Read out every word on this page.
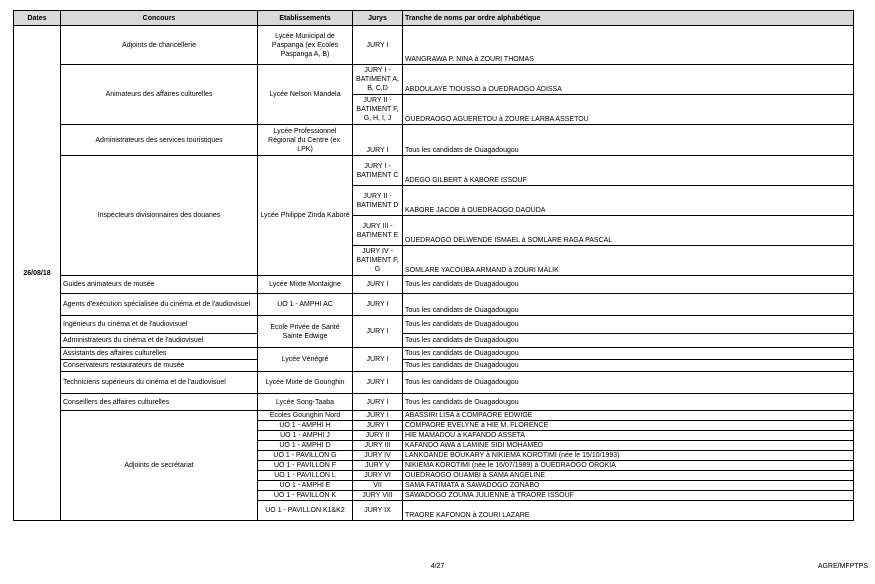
Dates	Concours	Etablissements	Jurys	Tranche de noms par ordre alphabétique
26/08/18	Adjoints de chancellerie	Lycée Municipal de Paspanga (ex Ecoles Paspanga A, B)	JURY I	WANGRAWA P. NINA à ZOURI THOMAS
	Animateurs des affaires culturelles	Lycée Nelson Mandela	JURY I - BATIMENT A, B, C,D	ABDOULAYE TIOUSSO à OUEDRAOGO ADISSA
			JURY II - BATIMENT F, G, H, I, J	OUEDRAOGO AGUERETOU à ZOURE LARBA ASSETOU
	Administrateurs des services touristiques	Lycée Professionnel Régional du Centre (ex. LPK)	JURY I	Tous les candidats de Ouagadougou
	Inspecteurs divisionnaires des douanes	Lycée Philippe Zinda Kaboré	JURY I - BATIMENT C	ADEGO GILBERT à KABORE ISSOUF
			JURY II - BATIMENT D	KABORE JACOB à OUEDRAOGO DAOUDA
			JURY III - BATIMENT E	OUEDRAOGO DELWENDE ISMAEL à SOMLARE RAGA PASCAL
			JURY IV - BATIMENT F, G	SOMLARE YACOUBA ARMAND à ZOURI MALIK
	Guides animateurs de musée	Lycée Mixte Montaigne	JURY I	Tous les candidats de Ouagadougou
	Agents d'exécution spécialisée du cinéma et de l'audiovisuel	UO 1 - AMPHI AC	JURY I	Tous les candidats de Ouagadougou
	Ingénieurs du cinéma et de l'audiovisuel	Ecole Privée de Santé Sainte Edwige	JURY I	Tous les candidats de Ouagadougou
	Administrateurs du cinéma et de l'audiovisuel			Tous les candidats de Ouagadougou
	Assistants des affaires culturelles	Lycée Vénégré	JURY I	Tous les candidats de Ouagadougou
	Conservateurs restaurateurs de musée			Tous les candidats de Ouagadougou
	Techniciens supérieurs du cinéma et de l'audiovisuel	Lycée Mixte de Gounghin	JURY I	Tous les candidats de Ouagadougou
	Conseillers des affaires culturelles	Lycée Song-Taaba	JURY I	Tous les candidats de Ouagadougou
	Adjoints de secrétariat	Ecoles Gounghin Nord	JURY I	ABASSIRI LISA à COMPAORE EDWIGE
		UO 1 - AMPHI H	JURY I	COMPAORE EVELYNE à HIE M. FLORENCE
		UO 1 - AMPHI J	JURY II	HIE MAMADOU à KAFANDO ASSETA
		UO 1 - AMPHI D	JURY III	KAFANDO AWA à LAMINE SIDI MOHAMED
		UO 1 - PAVILLON G	JURY IV	LANKOANDE BOUKARY à NIKIEMA KOROTIMI (née le 15/10/1993)
		UO 1 - PAVILLON F	JURY V	NIKIEMA KOROTIMI (née le 16/07/1989) à OUEDRAOGO OROKIA
		UO 1 - PAVILLON L	JURY VI	OUEDRAOGO OUAMBI à SAMA ANGELINE
		UO 1 - AMPHI E	VII	SAMA FATIMATA à SAWADOGO ZONABO
		UO 1 - PAVILLON K	JURY VIII	SAWADOGO ZOUMA JULIENNE à TRAORE ISSOUF
		UO 1 - PAVILLON K1&K2	JURY IX	TRAORE KAFONON à ZOURI LAZARE
4/27	AGRE/MFPTPS
